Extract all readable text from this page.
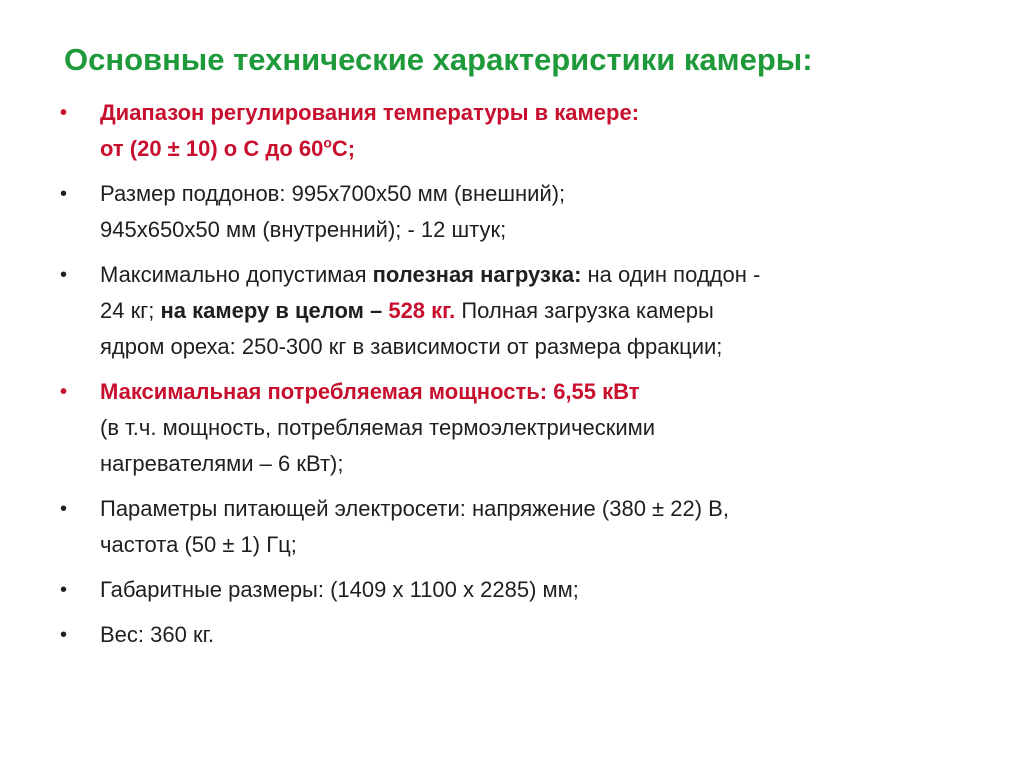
Основные технические характеристики камеры:
• Диапазон регулирования температуры в камере:
от (20 ± 10) о С до $60^оС$;
• Размер поддонов: 995х700х50 мм (внешний);
945х650х50 мм (внутренний); - 12 штук;
• Максимально допустимая полезная нагрузка: на один поддон -
24 кг; на камеру в целом – 528 кг. Полная загрузка камеры
ядром ореха: 250-300 кг в зависимости от размера фракции;
• Максимальная потребляемая мощность: 6,55 кВт
(в т.ч. мощность, потребляемая термоэлектрическими
нагревателями – 6 кВт);
• Параметры питающей электросети: напряжение (380 ± 22) В,
частота (50 ± 1) Гц;
• Габаритные размеры: (1409 х 1100 х 2285) мм;
• Вес: 360 кг.
